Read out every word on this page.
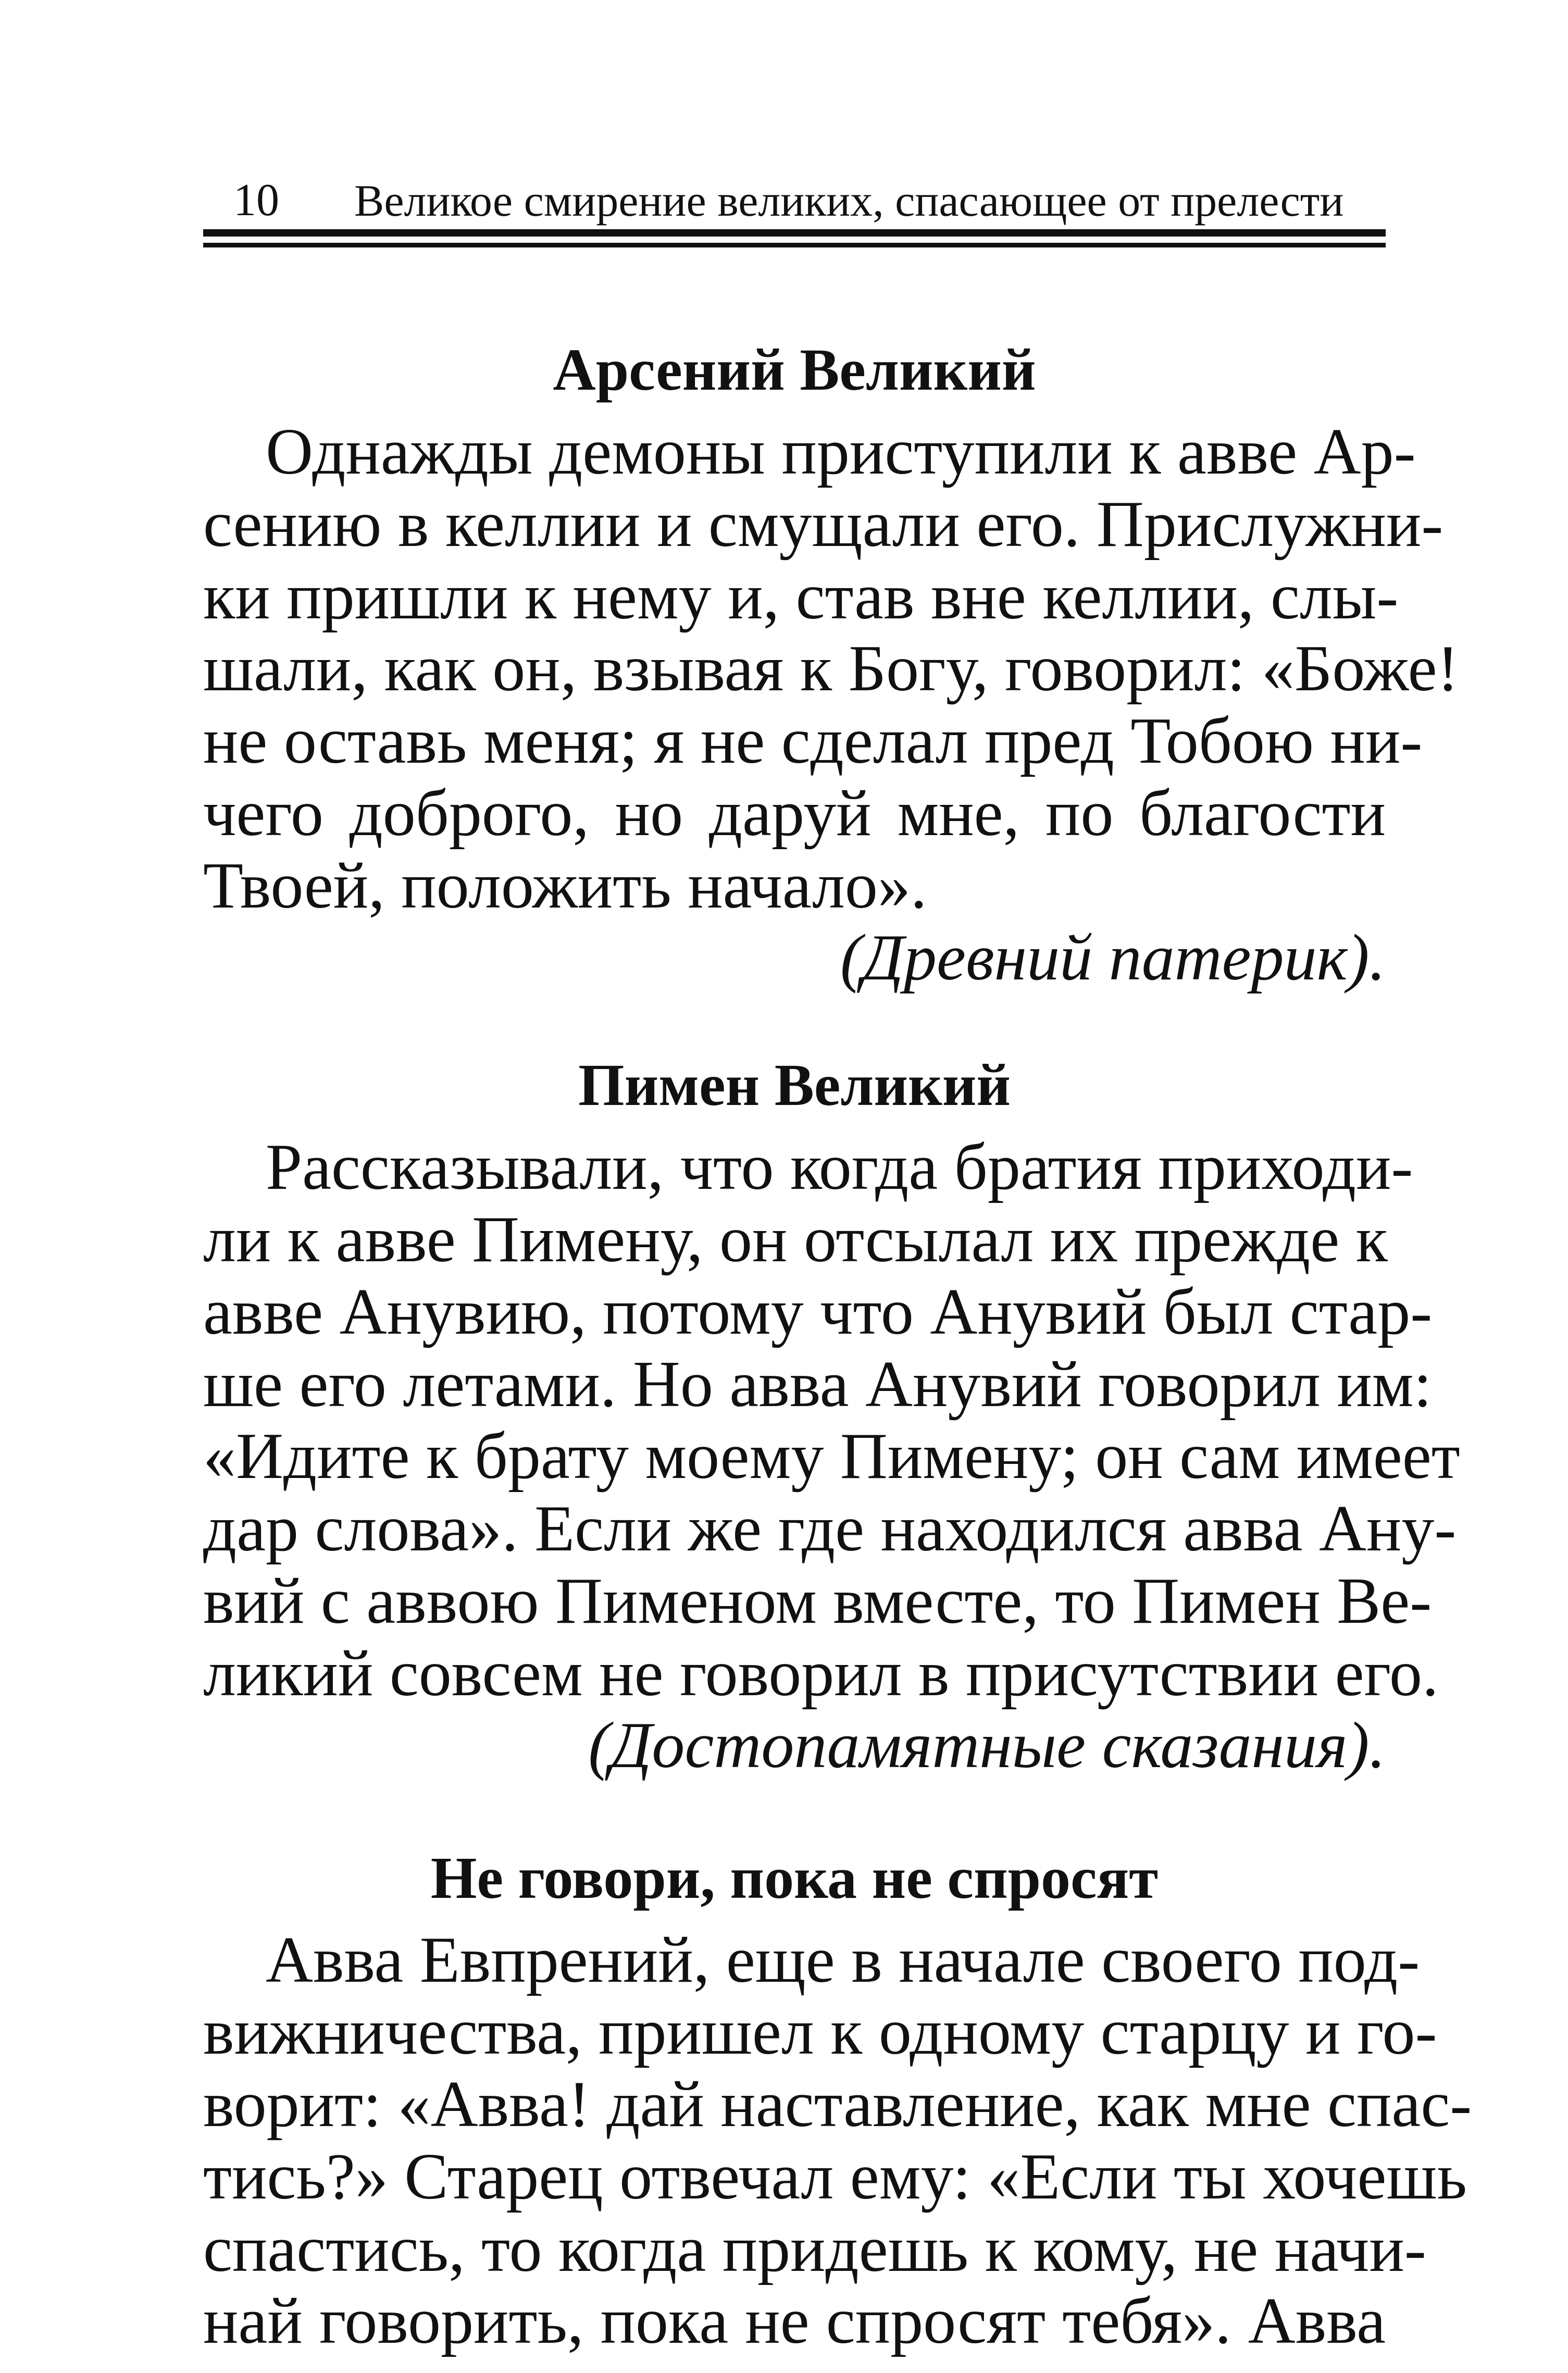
10 Великое смирение великих, спасающее от прелести
Арсений Великий
Однажды демоны приступили к авве Ар-
сению в келлии и смущали его. Прислужни-
ки пришли к нему и, став вне келлии, слы-
шали, как он, взывая к Богу, говорил: «Боже!
не оставь меня; я не сделал пред Тобою ни-
чего доброго, но даруй мне, по благости
Твоей, положить начало».
(Древний патерик).
Пимен Великий
Рассказывали, что когда братия приходи-
ли к авве Пимену, он отсылал их прежде к
авве Анувию, потому что Анувий был стар-
ше его летами. Но авва Анувий говорил им:
«Идите к брату моему Пимену; он сам имеет
дар слова». Если же где находился авва Ану-
вий с аввою Пименом вместе, то Пимен Ве-
ликий совсем не говорил в присутствии его.
(Достопамятные сказания).
Не говори, пока не спросят
Авва Евпрений, еще в начале своего под-
вижничества, пришел к одному старцу и го-
ворит: «Авва! дай наставление, как мне спас-
тись?» Старец отвечал ему: «Если ты хочешь
спастись, то когда придешь к кому, не начи-
най говорить, пока не спросят тебя». Авва
